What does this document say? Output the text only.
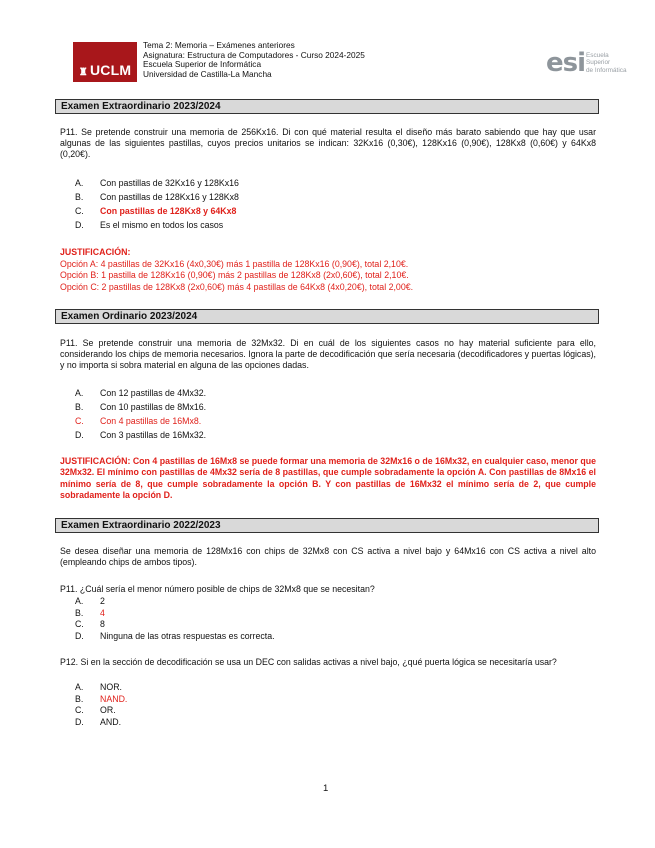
♜ UCLM
Tema 2: Memoria – Exámenes anteriores
Asignatura: Estructura de Computadores - Curso 2024-2025
Escuela Superior de Informática
Universidad de Castilla-La Mancha	esi Escuela
Superior
de Informática
Examen Extraordinario 2023/2024
P11. Se pretende construir una memoria de 256Kx16. Di con qué material resulta el diseño más barato sabiendo que hay que usar algunas de las siguientes pastillas, cuyos precios unitarios se indican: 32Kx16 (0,30€), 128Kx16 (0,90€), 128Kx8 (0,60€) y 64Kx8 (0,20€).
A.	Con pastillas de 32Kx16 y 128Kx16
B.	Con pastillas de 128Kx16 y 128Kx8
C.	Con pastillas de 128Kx8 y 64Kx8
D.	Es el mismo en todos los casos
JUSTIFICACIÓN:
Opción A: 4 pastillas de 32Kx16 (4x0,30€) más 1 pastilla de 128Kx16 (0,90€), total 2,10€.
Opción B: 1 pastilla de 128Kx16 (0,90€) más 2 pastillas de 128Kx8 (2x0,60€), total 2,10€.
Opción C: 2 pastillas de 128Kx8 (2x0,60€) más 4 pastillas de 64Kx8 (4x0,20€), total 2,00€.
Examen Ordinario 2023/2024
P11. Se pretende construir una memoria de 32Mx32. Di en cuál de los siguientes casos no hay material suficiente para ello, considerando los chips de memoria necesarios. Ignora la parte de decodificación que sería necesaria (decodificadores y puertas lógicas), y no importa si sobra material en alguna de las opciones dadas.
A.	Con 12 pastillas de 4Mx32.
B.	Con 10 pastillas de 8Mx16.
C.	Con 4 pastillas de 16Mx8.
D.	Con 3 pastillas de 16Mx32.
JUSTIFICACIÓN: Con 4 pastillas de 16Mx8 se puede formar una memoria de 32Mx16 o de 16Mx32, en cualquier caso, menor que 32Mx32. El mínimo con pastillas de 4Mx32 sería de 8 pastillas, que cumple sobradamente la opción A. Con pastillas de 8Mx16 el mínimo sería de 8, que cumple sobradamente la opción B. Y con pastillas de 16Mx32 el mínimo sería de 2, que cumple sobradamente la opción D.
Examen Extraordinario 2022/2023
Se desea diseñar una memoria de 128Mx16 con chips de 32Mx8 con CS activa a nivel bajo y 64Mx16 con CS activa a nivel alto (empleando chips de ambos tipos).
P11. ¿Cuál sería el menor número posible de chips de 32Mx8 que se necesitan?
A.	2
B.	4
C.	8
D.	Ninguna de las otras respuestas es correcta.
P12. Si en la sección de decodificación se usa un DEC con salidas activas a nivel bajo, ¿qué puerta lógica se necesitaría usar?
A.	NOR.
B.	NAND.
C.	OR.
D.	AND.
1
